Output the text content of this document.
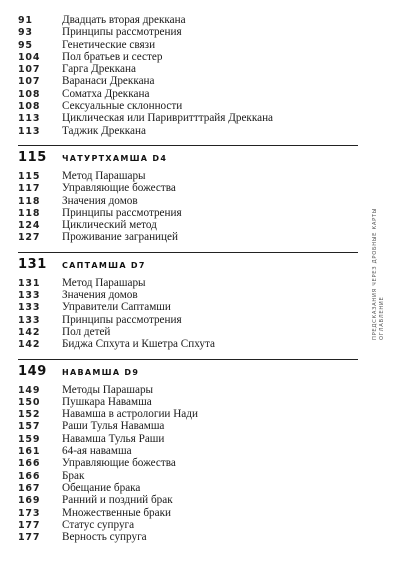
91	Двадцать вторая дреккана
93	Принципы рассмотрения
95	Генетические связи
104	Пол братьев и сестер
107	Гарга Дреккана
107	Варанаси Дреккана
108	Соматха Дреккана
108	Сексуальные склонности
113	Циклическая или Паривритттрайя Дреккана
113	Таджик Дреккана
115	ЧАТУРТХАМША D4
115	Метод Парашары
117	Управляющие божества
118	Значения домов
118	Принципы рассмотрения
124	Циклический метод
127	Проживание заграницей
131	САПТАМША D7
131	Метод Парашары
133	Значения домов
133	Управители Саптамши
133	Принципы рассмотрения
142	Пол детей
142	Биджа Спхута и Кшетра Спхута
149	НАВАМША D9
149	Методы Парашары
150	Пушкара Навамша
152	Навамша в астрологии Нади
157	Раши Тулья Навамша
159	Навамша Тулья Раши
161	64-ая навамша
166	Управляющие божества
166	Брак
167	Обещание брака
169	Ранний и поздний брак
173	Множественные браки
177	Статус супруга
177	Верность супруга
ПРЕДСКАЗАНИЯ ЧЕРЕЗ ДРОБНЫЕ КАРТЫ ОГЛАВЛЕНИЕ
